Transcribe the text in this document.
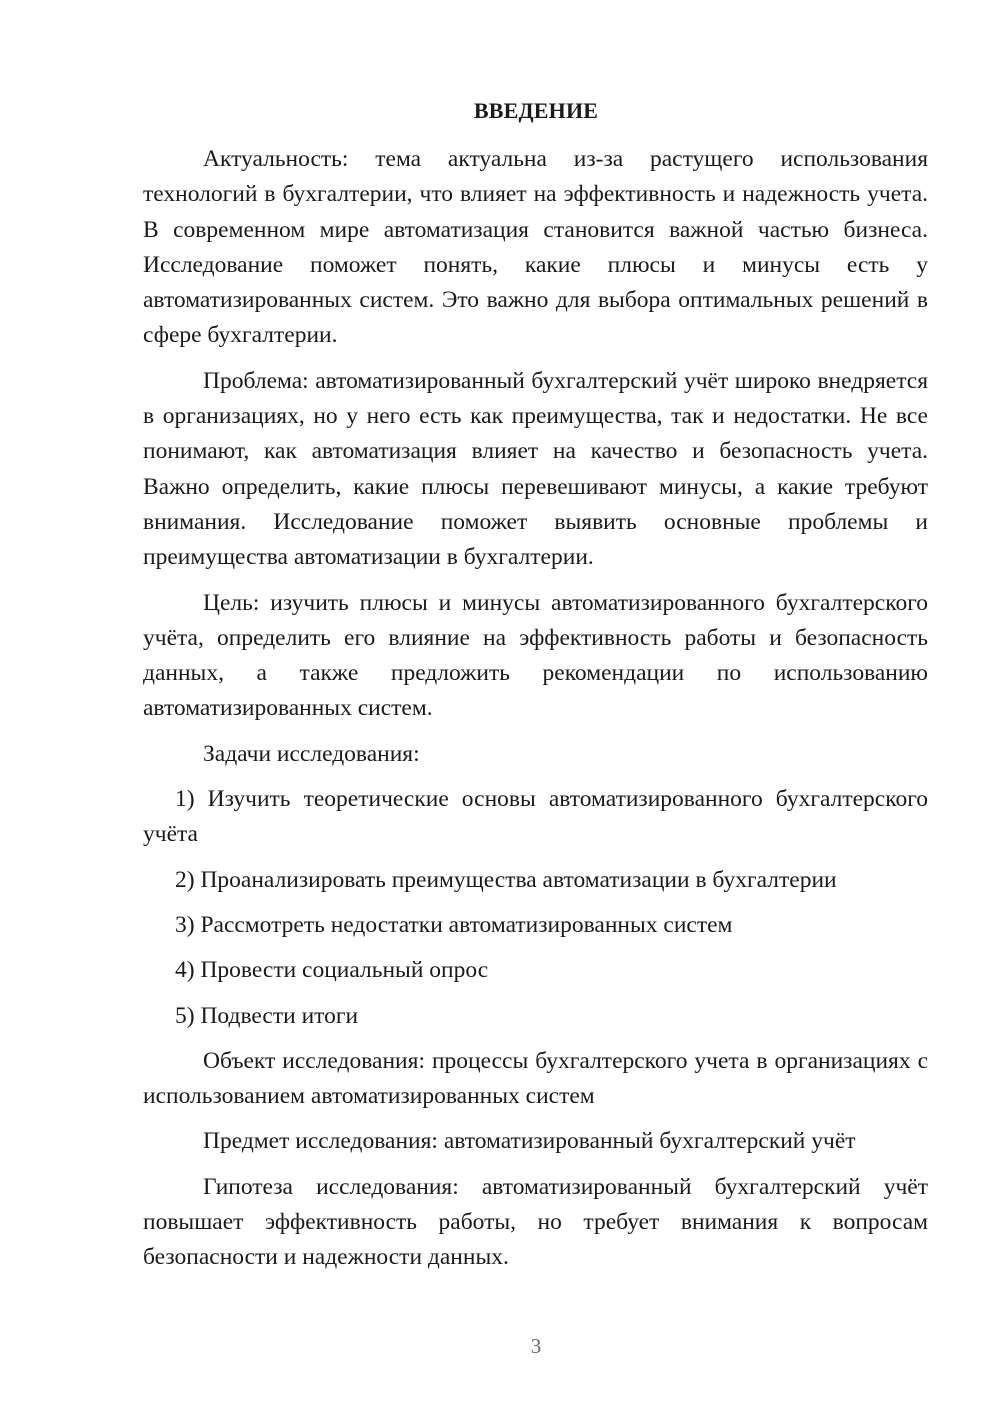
ВВЕДЕНИЕ

Актуальность: тема актуальна из-за растущего использования технологий в бухгалтерии, что влияет на эффективность и надежность учета. В современном мире автоматизация становится важной частью бизнеса. Исследование поможет понять, какие плюсы и минусы есть у автоматизированных систем. Это важно для выбора оптимальных решений в сфере бухгалтерии.

Проблема: автоматизированный бухгалтерский учёт широко внедряется в организациях, но у него есть как преимущества, так и недостатки. Не все понимают, как автоматизация влияет на качество и безопасность учета. Важно определить, какие плюсы перевешивают минусы, а какие требуют внимания. Исследование поможет выявить основные проблемы и преимущества автоматизации в бухгалтерии.

Цель: изучить плюсы и минусы автоматизированного бухгалтерского учёта, определить его влияние на эффективность работы и безопасность данных, а также предложить рекомендации по использованию автоматизированных систем.

Задачи исследования:

1) Изучить теоретические основы автоматизированного бухгалтерского учёта

2) Проанализировать преимущества автоматизации в бухгалтерии

3) Рассмотреть недостатки автоматизированных систем

4) Провести социальный опрос

5) Подвести итоги

Объект исследования: процессы бухгалтерского учета в организациях с использованием автоматизированных систем

Предмет исследования: автоматизированный бухгалтерский учёт

Гипотеза исследования: автоматизированный бухгалтерский учёт повышает эффективность работы, но требует внимания к вопросам безопасности и надежности данных.

3
